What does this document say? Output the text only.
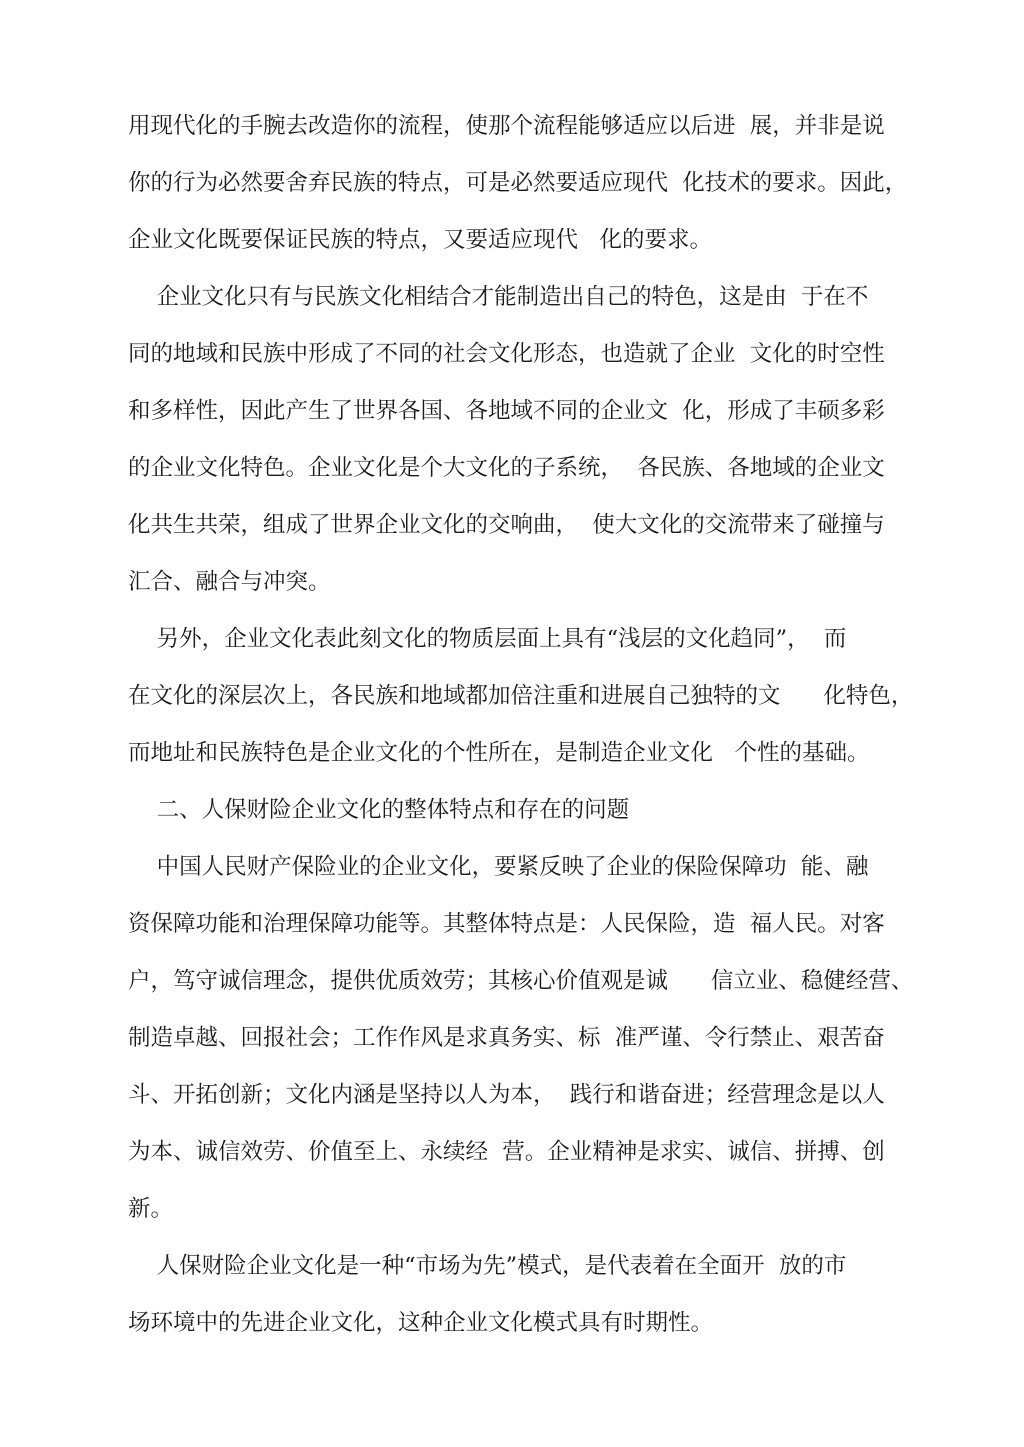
用现代化的手腕去改造你的流程，使那个流程能够适应以后进  展，并非是说

你的行为必然要舍弃民族的特点，可是必然要适应现代  化技术的要求。因此，

企业文化既要保证民族的特点，又要适应现代   化的要求。

企业文化只有与民族文化相结合才能制造出自己的特色，这是由  于在不

同的地域和民族中形成了不同的社会文化形态，也造就了企业  文化的时空性

和多样性，因此产生了世界各国、各地域不同的企业文  化，形成了丰硕多彩

的企业文化特色。企业文化是个大文化的子系统，  各民族、各地域的企业文

化共生共荣，组成了世界企业文化的交响曲，  使大文化的交流带来了碰撞与

汇合、融合与冲突。

另外，企业文化表此刻文化的物质层面上具有“浅层的文化趋同”，  而

在文化的深层次上，各民族和地域都加倍注重和进展自己独特的文      化特色，

而地址和民族特色是企业文化的个性所在，是制造企业文化   个性的基础。

二、人保财险企业文化的整体特点和存在的问题

中国人民财产保险业的企业文化，要紧反映了企业的保险保障功  能、融

资保障功能和治理保障功能等。其整体特点是：人民保险，造  福人民。对客

户，笃守诚信理念，提供优质效劳；其核心价值观是诚      信立业、稳健经营、

制造卓越、回报社会；工作作风是求真务实、标  准严谨、令行禁止、艰苦奋

斗、开拓创新；文化内涵是坚持以人为本，  践行和谐奋进；经营理念是以人

为本、诚信效劳、价值至上、永续经  营。企业精神是求实、诚信、拼搏、创

新。

人保财险企业文化是一种“市场为先”模式，是代表着在全面开  放的市

场环境中的先进企业文化，这种企业文化模式具有时期性。
